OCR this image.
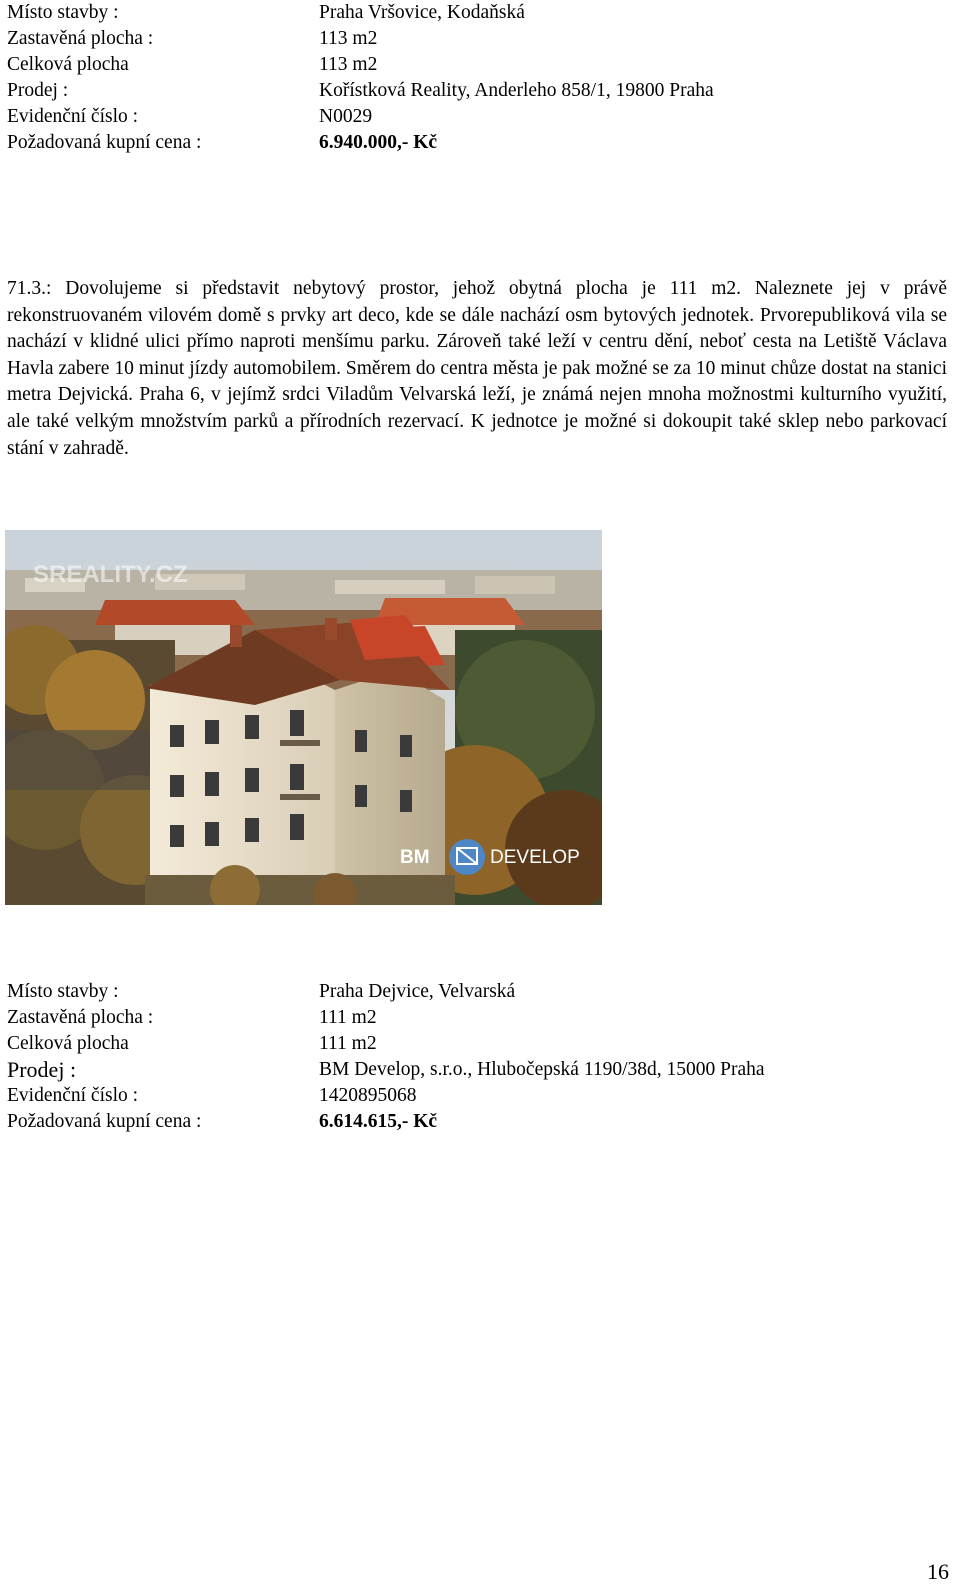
Místo stavby :	Praha Vršovice, Kodaňská
Zastavěná plocha :	113 m2
Celková plocha	113 m2
Prodej :	Kořístková Reality, Anderleho 858/1, 19800 Praha
Evidenční číslo :	N0029
Požadovaná kupní cena :	6.940.000,- Kč

71.3.: Dovolujeme si představit nebytový prostor, jehož obytná plocha je 111 m2. Naleznete jej v právě rekonstruovaném vilovém domě s prvky art deco, kde se dále nachází osm bytových jednotek. Prvorepubliková vila se nachází v klidné ulici přímo naproti menšímu parku. Zároveň také leží v centru dění, neboť cesta na Letiště Václava Havla zabere 10 minut jízdy automobilem. Směrem do centra města je pak možné se za 10 minut chůze dostat na stanici metra Dejvická. Praha 6, v jejímž srdci Viladům Velvarská leží, je známá nejen mnoha možnostmi kulturního využití, ale také velkým množstvím parků a přírodních rezervací. K jednotce je možné si dokoupit také sklep nebo parkovací stání v zahradě.

SREALITY.CZ
BM	DEVELOP
Místo stavby :	Praha Dejvice, Velvarská
Zastavěná plocha :	111 m2
Celková plocha	111 m2
Prodej :	BM Develop, s.r.o., Hlubočepská 1190/38d, 15000 Praha
Evidenční číslo :	1420895068
Požadovaná kupní cena :	6.614.615,- Kč
16
